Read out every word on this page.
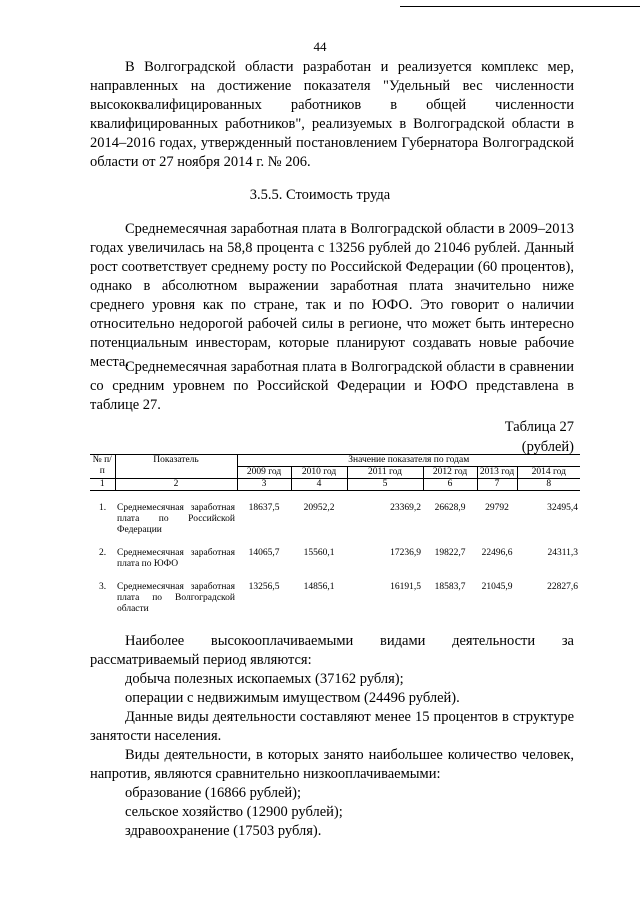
44

В Волгоградской области разработан и реализуется комплекс мер, направленных на достижение показателя "Удельный вес численности высококвалифицированных работников в общей численности квалифицированных работников", реализуемых в Волгоградской области в 2014–2016 годах, утвержденный постановлением Губернатора Волгоградской области от 27 ноября 2014 г. № 206.

3.5.5. Стоимость труда

Среднемесячная заработная плата в Волгоградской области в 2009–2013 годах увеличилась на 58,8 процента с 13256 рублей до 21046 рублей. Данный рост соответствует среднему росту по Российской Федерации (60 процентов), однако в абсолютном выражении заработная плата значительно ниже среднего уровня как по стране, так и по ЮФО. Это говорит о наличии относительно недорогой рабочей силы в регионе, что может быть интересно потенциальным инвесторам, которые планируют создавать новые рабочие места.

Среднемесячная заработная плата в Волгоградской области в сравнении со средним уровнем по Российской Федерации и ЮФО представлена в таблице 27.

Таблица 27
(рублей)
№ п/п	Показатель	Значение показателя по годам					
		2009 год	2010 год	2011 год	2012 год	2013 год	2014 год
1	2	3	4	5	6	7	8

1.	Среднемесячная заработная плата по Российской Федерации	18637,5	20952,2	23369,2	26628,9	29792	32495,4

2.	Среднемесячная заработная плата по ЮФО	14065,7	15560,1	17236,9	19822,7	22496,6	24311,3

3.	Среднемесячная заработная плата по Волгоградской области	13256,5	14856,1	16191,5	18583,7	21045,9	22827,6

Наиболее высокооплачиваемыми видами деятельности за рассматриваемый период являются:

добыча полезных ископаемых (37162 рубля);

операции с недвижимым имуществом (24496 рублей).

Данные виды деятельности составляют менее 15 процентов в структуре занятости населения.

Виды деятельности, в которых занято наибольшее количество человек, напротив, являются сравнительно низкооплачиваемыми:

образование (16866 рублей);

сельское хозяйство (12900 рублей);

здравоохранение (17503 рубля).
